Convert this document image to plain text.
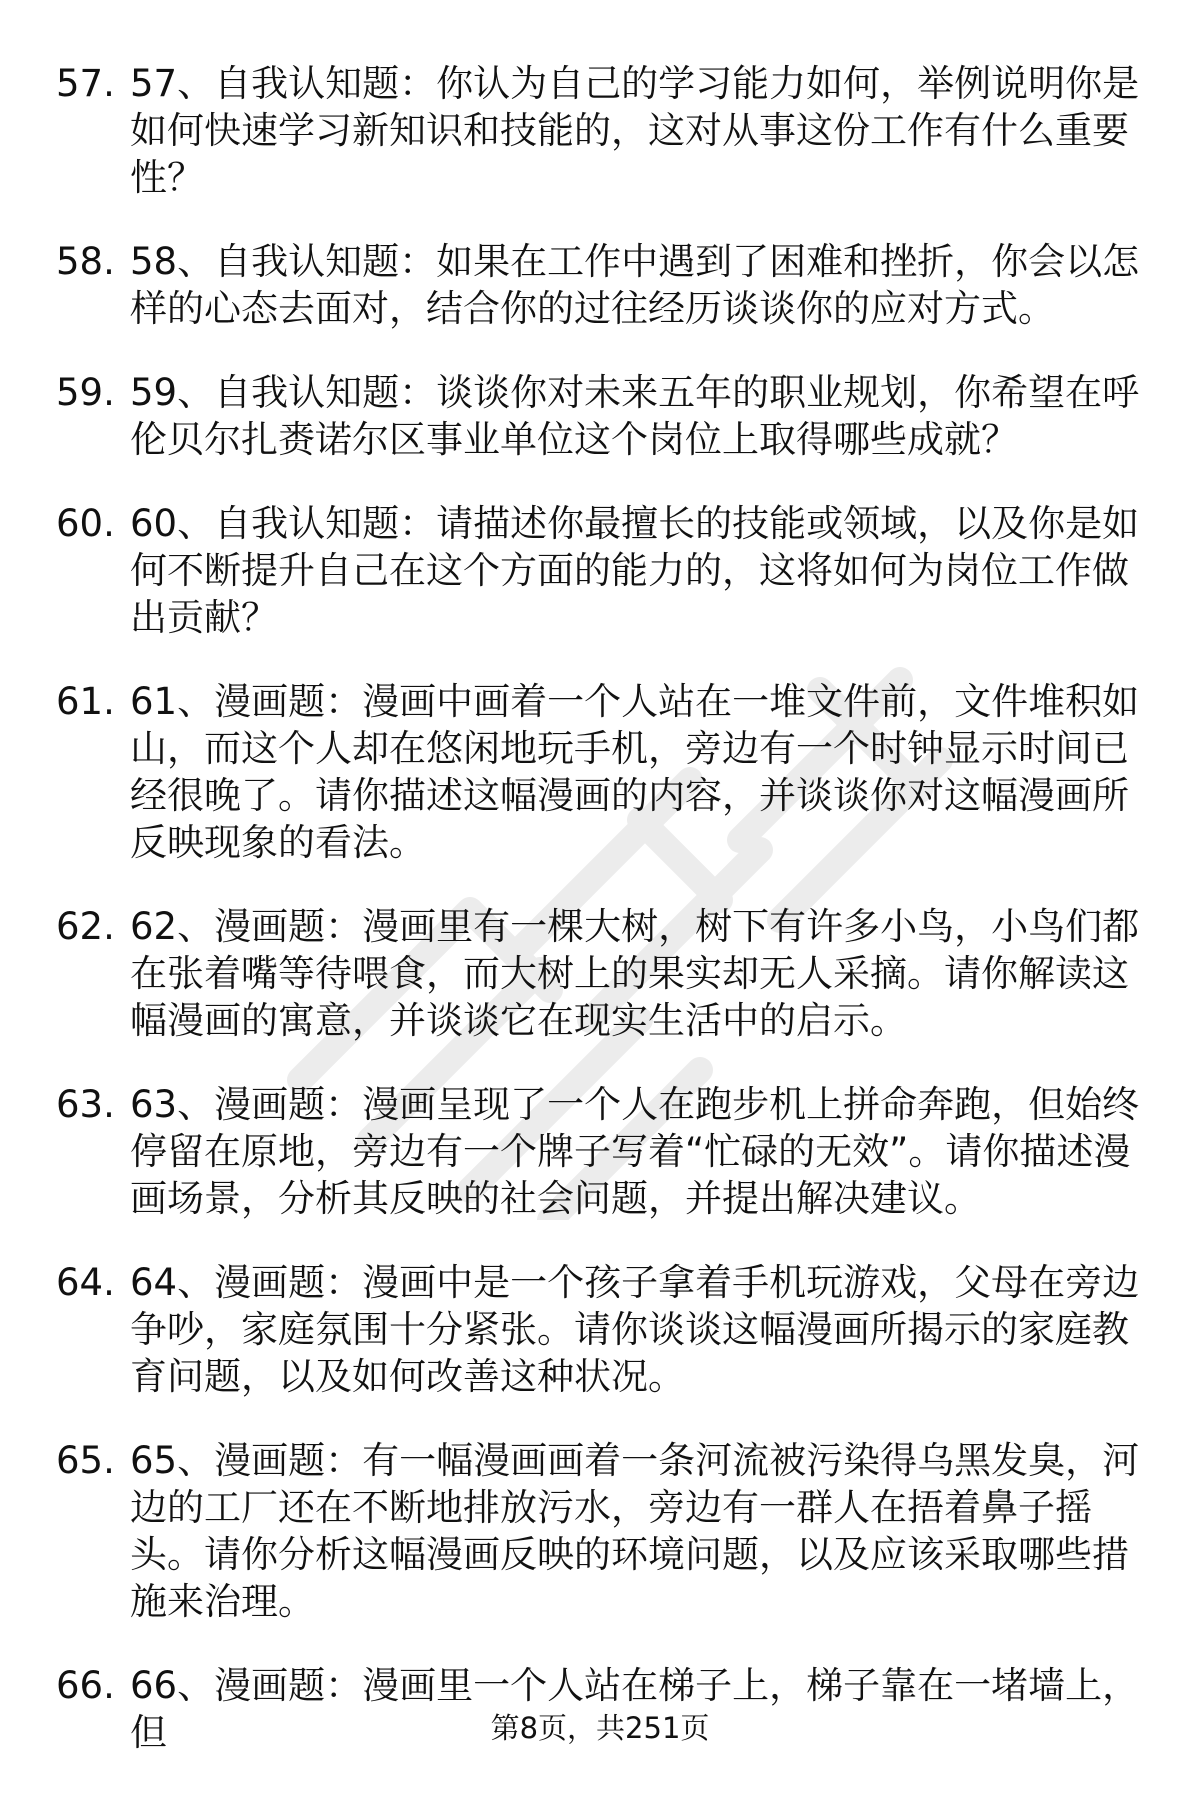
57. 57、自我认知题：你认为自己的学习能力如何，举例说明你是如何快速学习新知识和技能的，这对从事这份工作有什么重要性？
58. 58、自我认知题：如果在工作中遇到了困难和挫折，你会以怎样的心态去面对，结合你的过往经历谈谈你的应对方式。
59. 59、自我认知题：谈谈你对未来五年的职业规划，你希望在呼伦贝尔扎赉诺尔区事业单位这个岗位上取得哪些成就？
60. 60、自我认知题：请描述你最擅长的技能或领域，以及你是如何不断提升自己在这个方面的能力的，这将如何为岗位工作做出贡献？
61. 61、漫画题：漫画中画着一个人站在一堆文件前，文件堆积如山，而这个人却在悠闲地玩手机，旁边有一个时钟显示时间已经很晚了。请你描述这幅漫画的内容，并谈谈你对这幅漫画所反映现象的看法。
62. 62、漫画题：漫画里有一棵大树，树下有许多小鸟，小鸟们都在张着嘴等待喂食，而大树上的果实却无人采摘。请你解读这幅漫画的寓意，并谈谈它在现实生活中的启示。
63. 63、漫画题：漫画呈现了一个人在跑步机上拼命奔跑，但始终停留在原地，旁边有一个牌子写着“忙碌的无效”。请你描述漫画场景，分析其反映的社会问题，并提出解决建议。
64. 64、漫画题：漫画中是一个孩子拿着手机玩游戏，父母在旁边争吵，家庭氛围十分紧张。请你谈谈这幅漫画所揭示的家庭教育问题，以及如何改善这种状况。
65. 65、漫画题：有一幅漫画画着一条河流被污染得乌黑发臭，河边的工厂还在不断地排放污水，旁边有一群人在捂着鼻子摇头。请你分析这幅漫画反映的环境问题，以及应该采取哪些措施来治理。
66. 66、漫画题：漫画里一个人站在梯子上，梯子靠在一堵墙上，但	第8页，共251页
